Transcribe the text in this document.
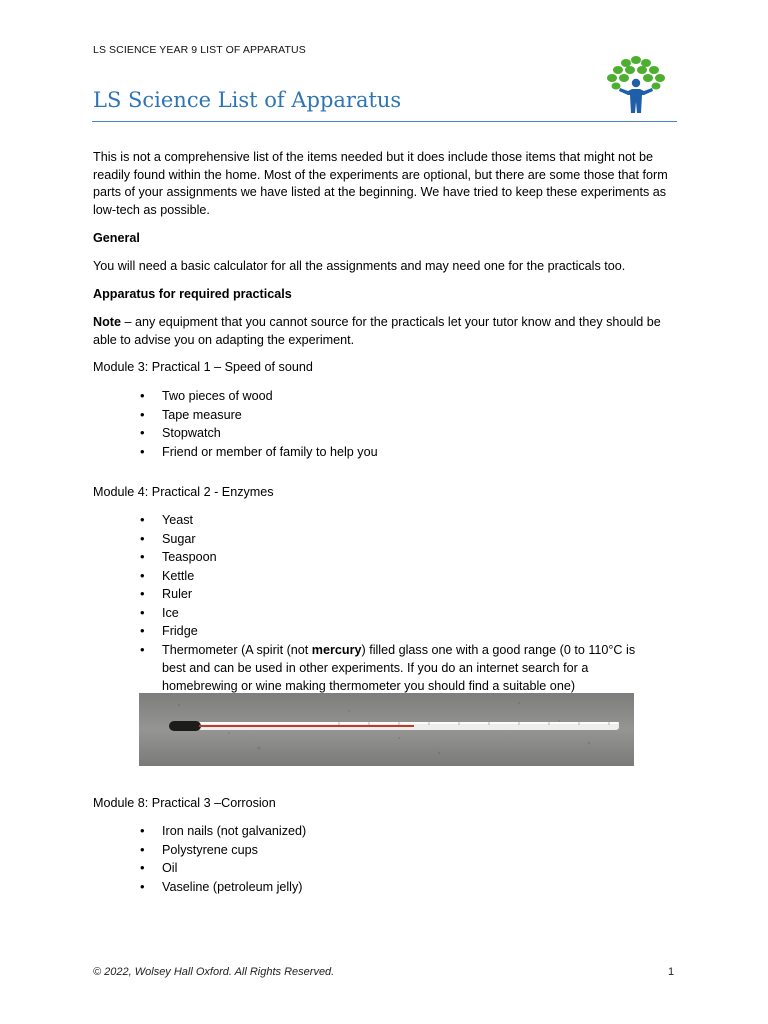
LS SCIENCE YEAR 9 LIST OF APPARATUS
LS Science List of Apparatus

This is not a comprehensive list of the items needed but it does include those items that might not be readily found within the home. Most of the experiments are optional, but there are some those that form parts of your assignments we have listed at the beginning. We have tried to keep these experiments as low-tech as possible.

General

You will need a basic calculator for all the assignments and may need one for the practicals too.

Apparatus for required practicals

Note – any equipment that you cannot source for the practicals let your tutor know and they should be able to advise you on adapting the experiment.

Module 3: Practical 1 – Speed of sound

• Two pieces of wood
• Tape measure
• Stopwatch
• Friend or member of family to help you

Module 4: Practical 2 - Enzymes

• Yeast
• Sugar
• Teaspoon
• Kettle
• Ruler
• Ice
• Fridge
• Thermometer (A spirit (not mercury) filled glass one with a good range (0 to 110°C is best and can be used in other experiments. If you do an internet search for a homebrewing or wine making thermometer you should find a suitable one)

Module 8: Practical 3 –Corrosion

• Iron nails (not galvanized)
• Polystyrene cups
• Oil
• Vaseline (petroleum jelly)
© 2022, Wolsey Hall Oxford. All Rights Reserved.	1
